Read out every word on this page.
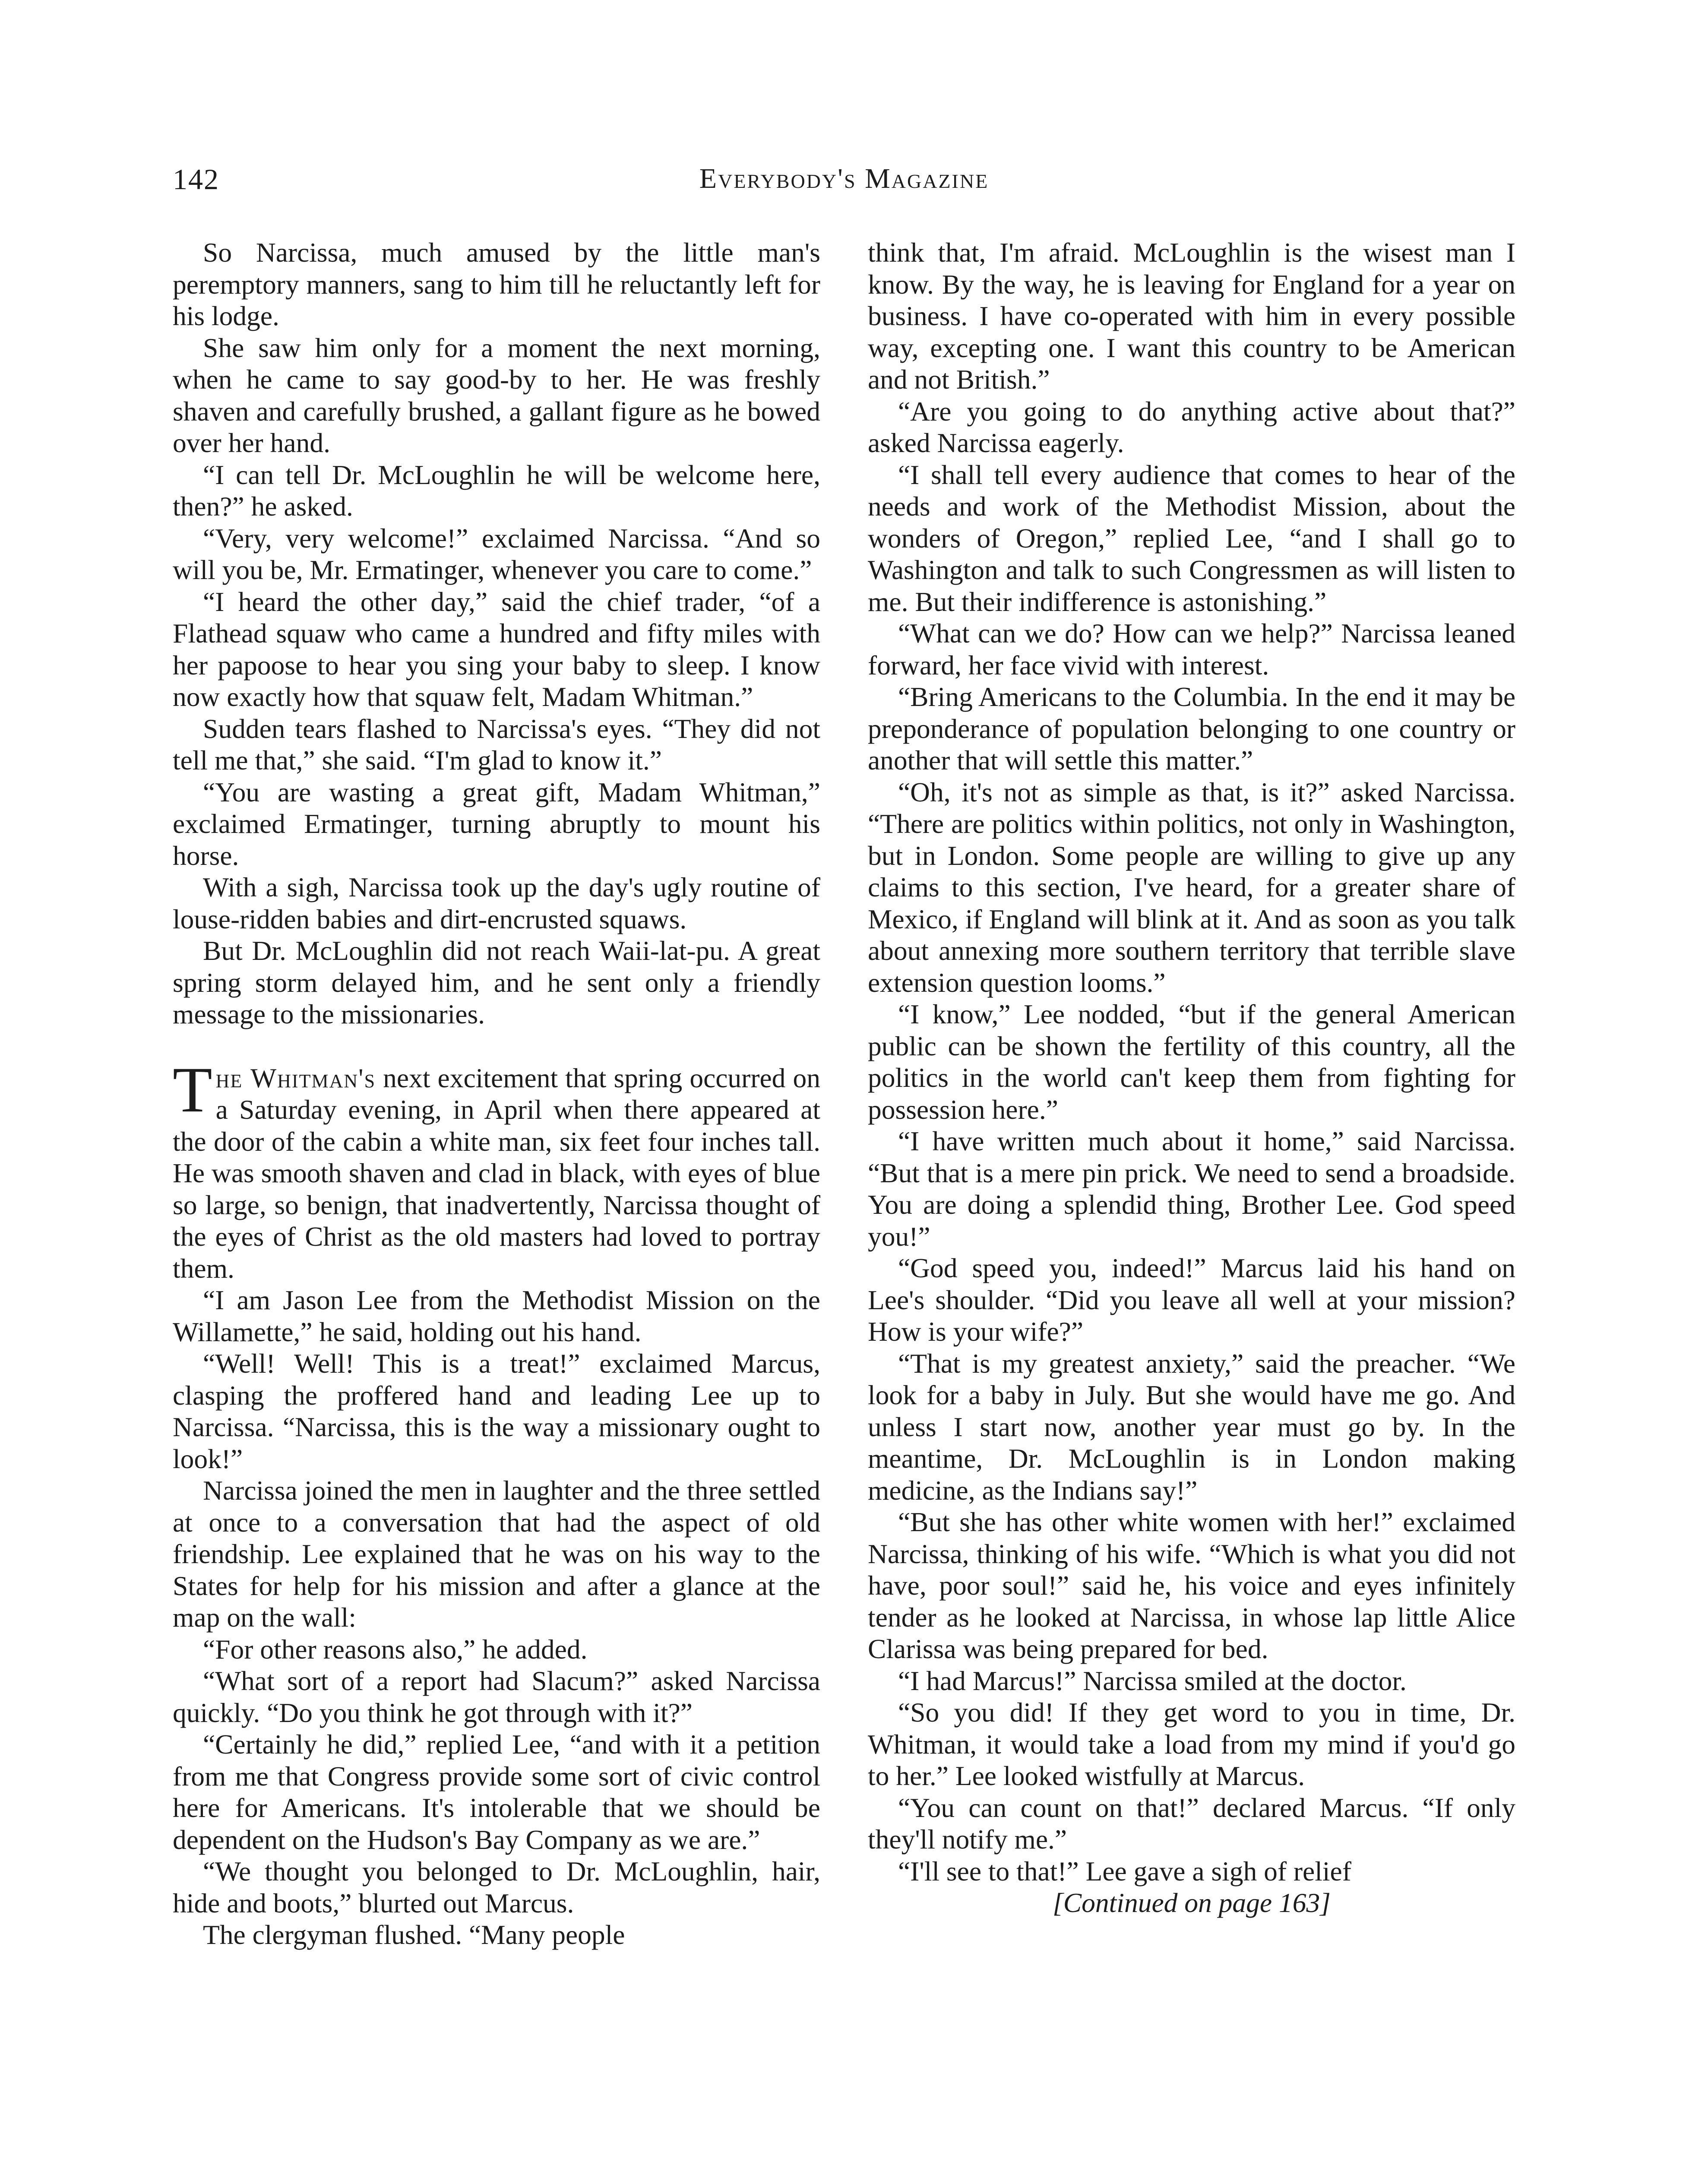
142	Everybody's Magazine

So Narcissa, much amused by the little man's peremptory manners, sang to him till he reluctantly left for his lodge.

She saw him only for a moment the next morning, when he came to say good-by to her. He was freshly shaven and carefully brushed, a gallant figure as he bowed over her hand.

“I can tell Dr. McLoughlin he will be welcome here, then?” he asked.

“Very, very welcome!” exclaimed Narcissa. “And so will you be, Mr. Ermatinger, whenever you care to come.”

“I heard the other day,” said the chief trader, “of a Flathead squaw who came a hundred and fifty miles with her papoose to hear you sing your baby to sleep. I know now exactly how that squaw felt, Madam Whitman.”

Sudden tears flashed to Narcissa's eyes. “They did not tell me that,” she said. “I'm glad to know it.”

“You are wasting a great gift, Madam Whitman,” exclaimed Ermatinger, turning abruptly to mount his horse.

With a sigh, Narcissa took up the day's ugly routine of louse-ridden babies and dirt-encrusted squaws.

But Dr. McLoughlin did not reach Waii-lat-pu. A great spring storm delayed him, and he sent only a friendly message to the missionaries.

The Whitman's next excitement that spring occurred on a Saturday evening, in April when there appeared at the door of the cabin a white man, six feet four inches tall. He was smooth shaven and clad in black, with eyes of blue so large, so benign, that inadvertently, Narcissa thought of the eyes of Christ as the old masters had loved to portray them.

“I am Jason Lee from the Methodist Mission on the Willamette,” he said, holding out his hand.

“Well! Well! This is a treat!” exclaimed Marcus, clasping the proffered hand and leading Lee up to Narcissa. “Narcissa, this is the way a missionary ought to look!”

Narcissa joined the men in laughter and the three settled at once to a conversation that had the aspect of old friendship. Lee explained that he was on his way to the States for help for his mission and after a glance at the map on the wall:

“For other reasons also,” he added.

“What sort of a report had Slacum?” asked Narcissa quickly. “Do you think he got through with it?”

“Certainly he did,” replied Lee, “and with it a petition from me that Congress provide some sort of civic control here for Americans. It's intolerable that we should be dependent on the Hudson's Bay Company as we are.”

“We thought you belonged to Dr. McLoughlin, hair, hide and boots,” blurted out Marcus.

The clergyman flushed. “Many people

think that, I'm afraid. McLoughlin is the wisest man I know. By the way, he is leaving for England for a year on business. I have co-operated with him in every possible way, excepting one. I want this country to be American and not British.”

“Are you going to do anything active about that?” asked Narcissa eagerly.

“I shall tell every audience that comes to hear of the needs and work of the Methodist Mission, about the wonders of Oregon,” replied Lee, “and I shall go to Washington and talk to such Congressmen as will listen to me. But their indifference is astonishing.”

“What can we do? How can we help?” Narcissa leaned forward, her face vivid with interest.

“Bring Americans to the Columbia. In the end it may be preponderance of population belonging to one country or another that will settle this matter.”

“Oh, it's not as simple as that, is it?” asked Narcissa. “There are politics within politics, not only in Washington, but in London. Some people are willing to give up any claims to this section, I've heard, for a greater share of Mexico, if England will blink at it. And as soon as you talk about annexing more southern territory that terrible slave extension question looms.”

“I know,” Lee nodded, “but if the general American public can be shown the fertility of this country, all the politics in the world can't keep them from fighting for possession here.”

“I have written much about it home,” said Narcissa. “But that is a mere pin prick. We need to send a broadside. You are doing a splendid thing, Brother Lee. God speed you!”

“God speed you, indeed!” Marcus laid his hand on Lee's shoulder. “Did you leave all well at your mission? How is your wife?”

“That is my greatest anxiety,” said the preacher. “We look for a baby in July. But she would have me go. And unless I start now, another year must go by. In the meantime, Dr. McLoughlin is in London making medicine, as the Indians say!”

“But she has other white women with her!” exclaimed Narcissa, thinking of his wife. “Which is what you did not have, poor soul!” said he, his voice and eyes infinitely tender as he looked at Narcissa, in whose lap little Alice Clarissa was being prepared for bed.

“I had Marcus!” Narcissa smiled at the doctor.

“So you did! If they get word to you in time, Dr. Whitman, it would take a load from my mind if you'd go to her.” Lee looked wistfully at Marcus.

“You can count on that!” declared Marcus. “If only they'll notify me.”

“I'll see to that!” Lee gave a sigh of relief

[Continued on page 163]
